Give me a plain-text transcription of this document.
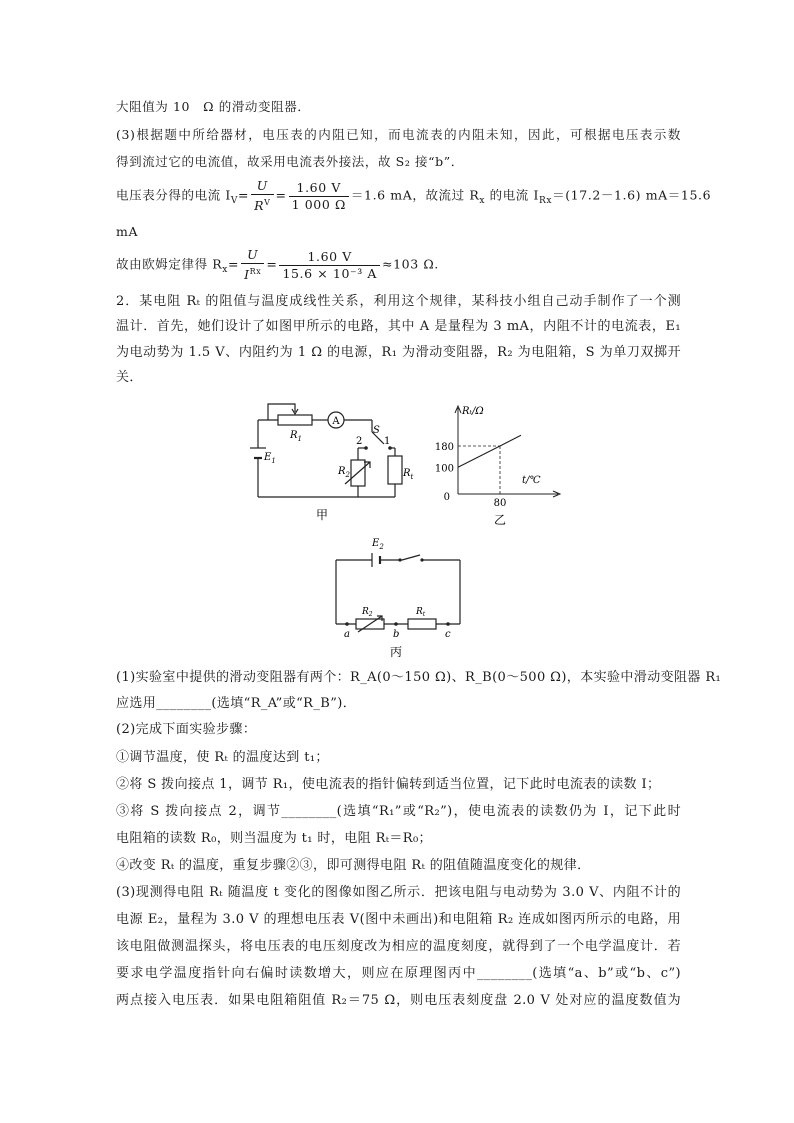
大阻值为 10　Ω 的滑动变阻器．
(3)根据题中所给器材，电压表的内阻已知，而电流表的内阻未知，因此，可根据电压表示数
得到流过它的电流值，故采用电流表外接法，故 S₂ 接“b”．
电压表分得的电流 $I_V= \frac{U}{R^V} = \frac{1.60 V}{1 000 \Omega} =1.6$ mA，故流过 $R_x$ 的电流 $I_{Rx}=(17.2-1.6)$ mA＝15.6
mA
故由欧姆定律得 $R_x= \frac{U}{I^{Rx}} = \frac{1.60 V}{\text{15.6 × 10⁻³ A}} \approx 103$ Ω.
2．某电阻 Rₜ 的阻值与温度成线性关系，利用这个规律，某科技小组自己动手制作了一个测
温计．首先，她们设计了如图甲所示的电路，其中 A 是量程为 3 mA，内阻不计的电流表，E₁
为电动势为 1.5 V、内阻约为 1 Ω 的电源，R₁ 为滑动变阻器，R₂ 为电阻箱，S 为单刀双掷开
关．
A
$R_1$
S
2 1
$E_1$
$R_2$	$R_t$
甲
100
180
80
Rₜ/Ω
t/℃
0
乙
$E_2$
$R_2$	$R_t$
a	b	c
丙
(1)实验室中提供的滑动变阻器有两个：R_A(0～150 Ω)、R_B(0～500 Ω)，本实验中滑动变阻器 R₁
应选用________(选填“R_A”或“R_B”)．
(2)完成下面实验步骤：
①调节温度，使 Rₜ 的温度达到 t₁；
②将 S 拨向接点 1，调节 R₁，使电流表的指针偏转到适当位置，记下此时电流表的读数 I；
③将 S 拨向接点 2，调节________(选填“R₁”或“R₂”)，使电流表的读数仍为 I，记下此时
电阻箱的读数 R₀，则当温度为 t₁ 时，电阻 Rₜ＝R₀；
④改变 Rₜ 的温度，重复步骤②③，即可测得电阻 Rₜ 的阻值随温度变化的规律．
(3)现测得电阻 Rₜ 随温度 t 变化的图像如图乙所示．把该电阻与电动势为 3.0 V、内阻不计的
电源 E₂，量程为 3.0 V 的理想电压表 V(图中未画出)和电阻箱 R₂ 连成如图丙所示的电路，用
该电阻做测温探头，将电压表的电压刻度改为相应的温度刻度，就得到了一个电学温度计．若
要求电学温度指针向右偏时读数增大，则应在原理图丙中________(选填“a、b”或“b、c”)
两点接入电压表．如果电阻箱阻值 R₂＝75 Ω，则电压表刻度盘 2.0 V 处对应的温度数值为
